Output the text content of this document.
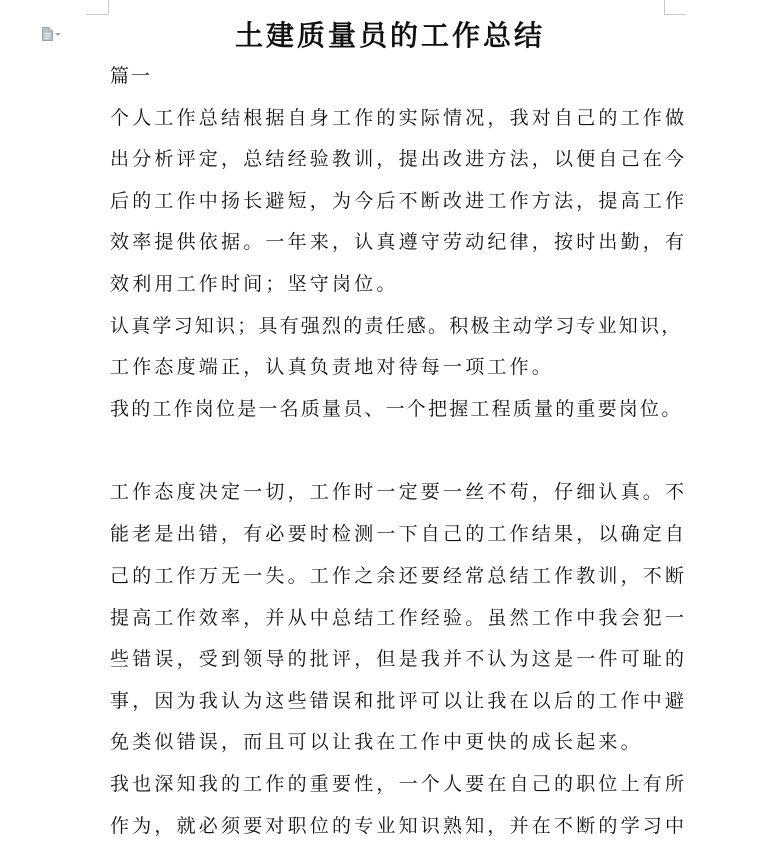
土建质量员的工作总结
篇一
个人工作总结根据自身工作的实际情况，我对自己的工作做
出分析评定，总结经验教训，提出改进方法，以便自己在今
后的工作中扬长避短，为今后不断改进工作方法，提高工作
效率提供依据。一年来，认真遵守劳动纪律，按时出勤，有
效利用工作时间；坚守岗位。
认真学习知识；具有强烈的责任感。积极主动学习专业知识，
工作态度端正，认真负责地对待每一项工作。
我的工作岗位是一名质量员、一个把握工程质量的重要岗位。
工作态度决定一切，工作时一定要一丝不苟，仔细认真。不
能老是出错，有必要时检测一下自己的工作结果，以确定自
己的工作万无一失。工作之余还要经常总结工作教训，不断
提高工作效率，并从中总结工作经验。虽然工作中我会犯一
些错误，受到领导的批评，但是我并不认为这是一件可耻的
事，因为我认为这些错误和批评可以让我在以后的工作中避
免类似错误，而且可以让我在工作中更快的成长起来。
我也深知我的工作的重要性，一个人要在自己的职位上有所
作为，就必须要对职位的专业知识熟知，并在不断的学习中
